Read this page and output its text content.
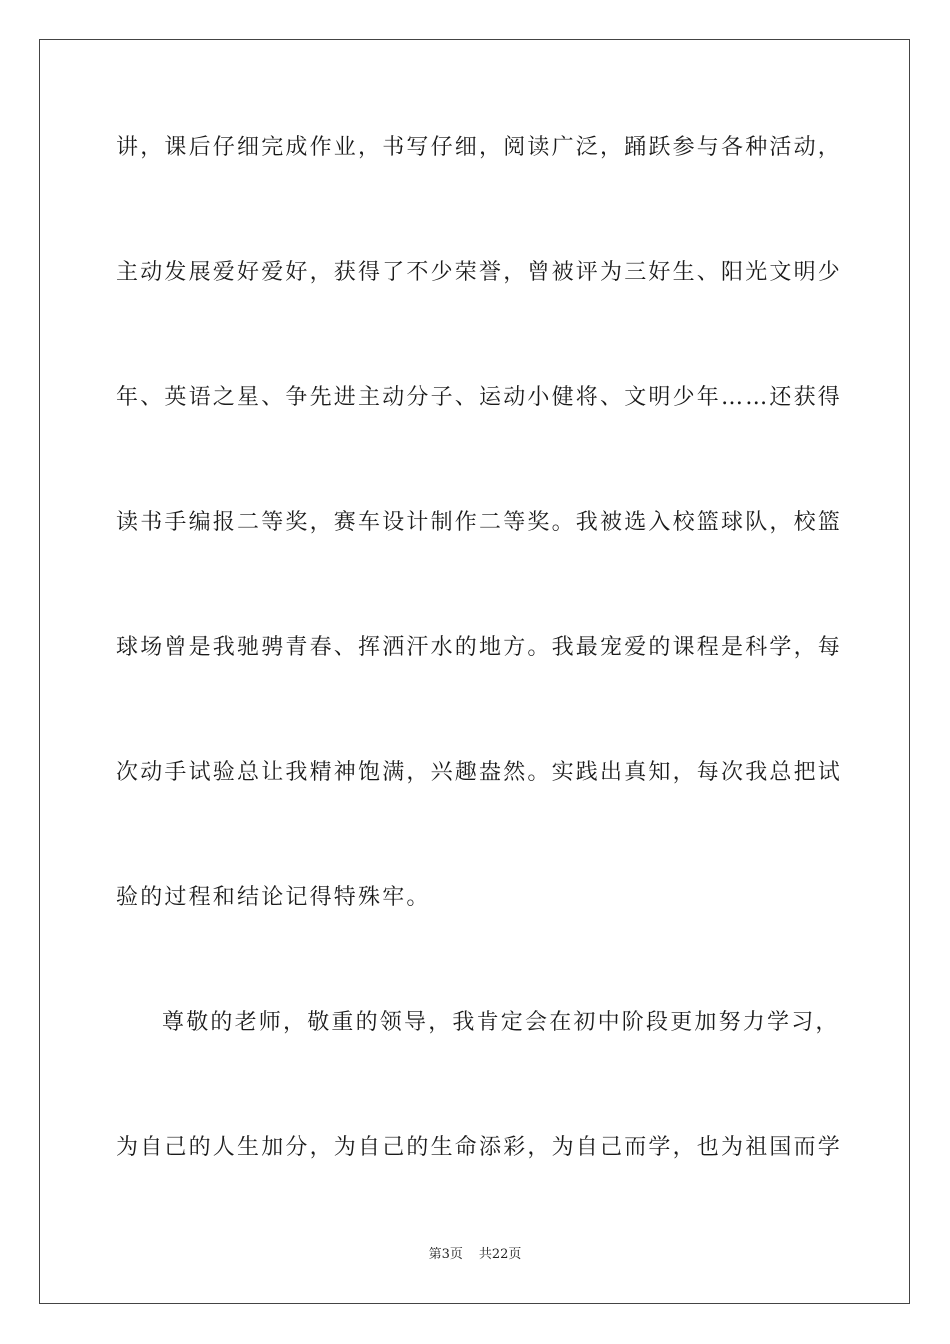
讲，课后仔细完成作业，书写仔细，阅读广泛，踊跃参与各种活动，
主动发展爱好爱好，获得了不少荣誉，曾被评为三好生、阳光文明少
年、英语之星、争先进主动分子、运动小健将、文明少年……还获得
读书手编报二等奖，赛车设计制作二等奖。我被选入校篮球队，校篮
球场曾是我驰骋青春、挥洒汗水的地方。我最宠爱的课程是科学，每
次动手试验总让我精神饱满，兴趣盎然。实践出真知，每次我总把试
验的过程和结论记得特殊牢。
尊敬的老师，敬重的领导，我肯定会在初中阶段更加努力学习，
为自己的人生加分，为自己的生命添彩，为自己而学，也为祖国而学
第3页 共22页
